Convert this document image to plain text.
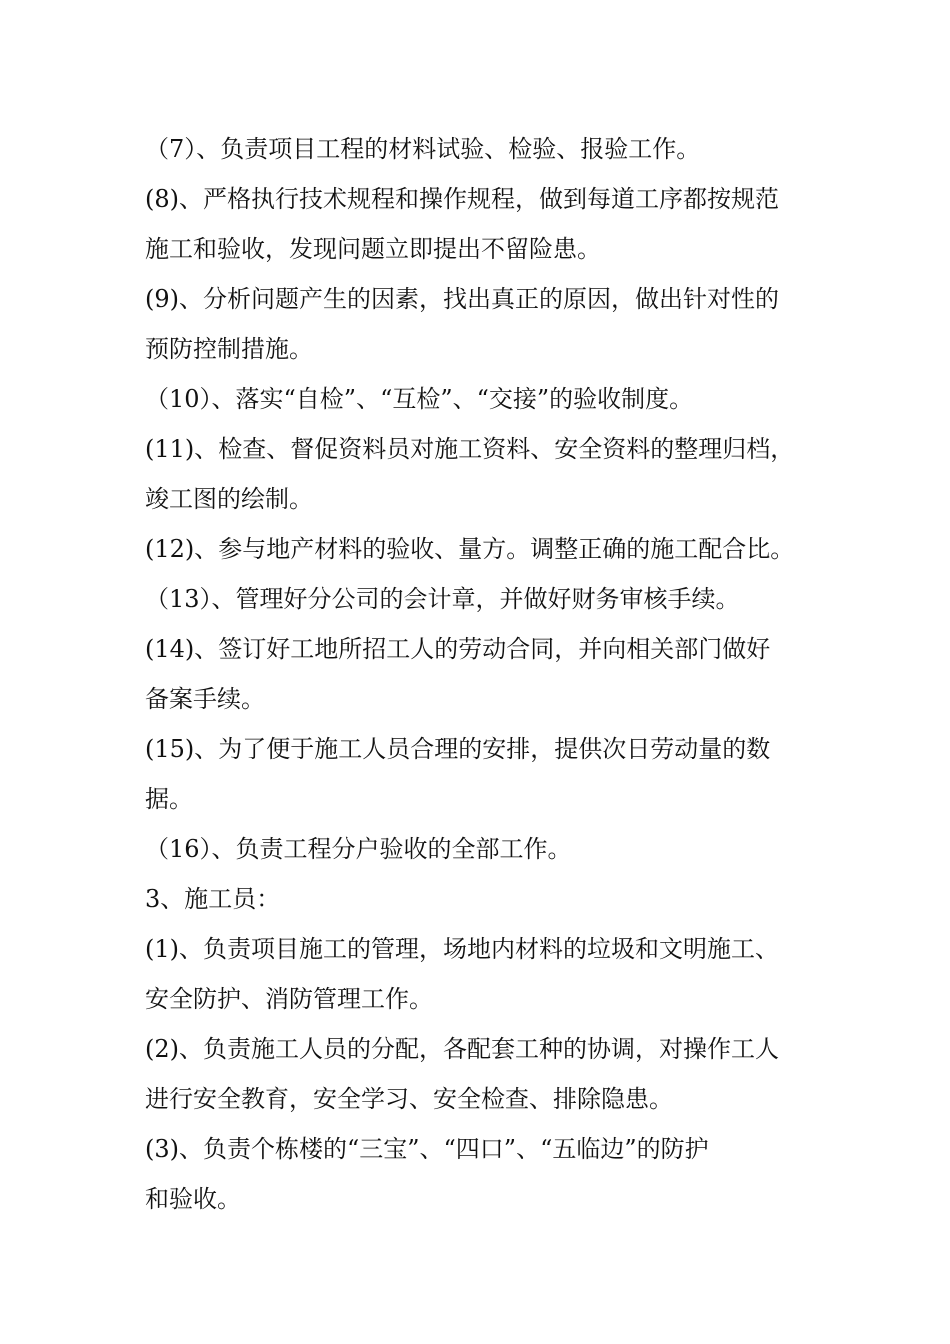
（7）、负责项目工程的材料试验、检验、报验工作。
(8)、严格执行技术规程和操作规程，做到每道工序都按规范
施工和验收，发现问题立即提出不留险患。
(9)、分析问题产生的因素，找出真正的原因，做出针对性的
预防控制措施。
（10）、落实“自检”、“互检”、“交接”的验收制度。
(11)、检查、督促资料员对施工资料、安全资料的整理归档，
竣工图的绘制。
(12)、参与地产材料的验收、量方。调整正确的施工配合比。
（13）、管理好分公司的会计章，并做好财务审核手续。
(14)、签订好工地所招工人的劳动合同，并向相关部门做好
备案手续。
(15)、为了便于施工人员合理的安排，提供次日劳动量的数
据。
（16）、负责工程分户验收的全部工作。
3、施工员：
(1)、负责项目施工的管理，场地内材料的垃圾和文明施工、
安全防护、消防管理工作。
(2)、负责施工人员的分配，各配套工种的协调，对操作工人
进行安全教育，安全学习、安全检查、排除隐患。
(3)、负责个栋楼的“三宝”、“四口”、“五临边”的防护
和验收。
